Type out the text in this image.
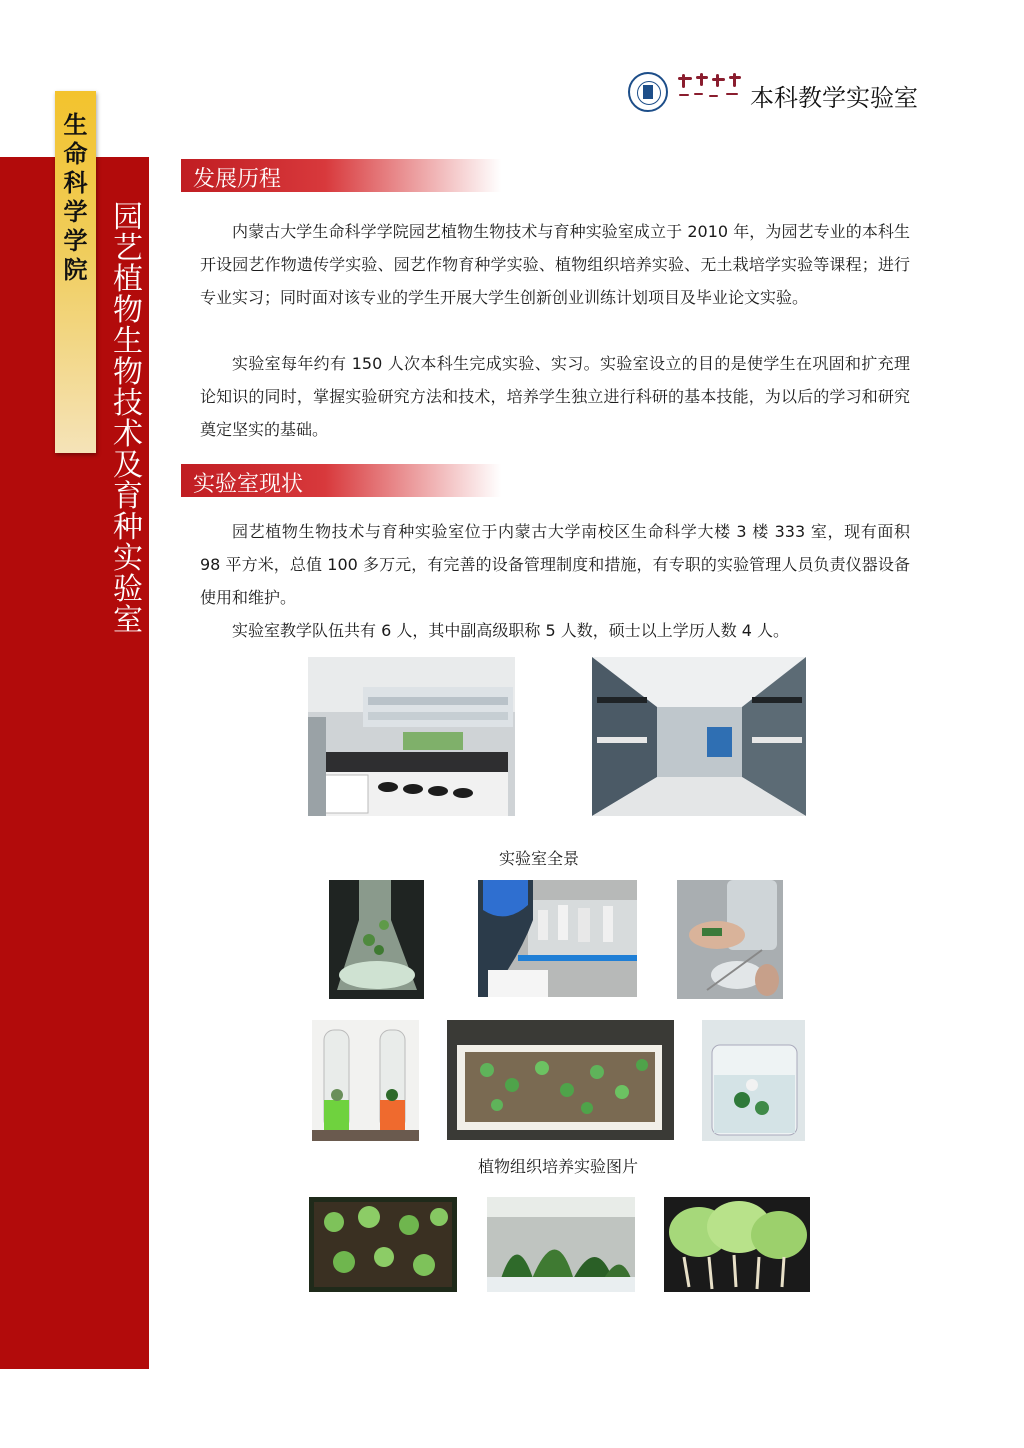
生
命
科
学
学
院
园
艺
植
物
生
物
技
术
及
育
种
实
验
室
本科教学实验室
发展历程

内蒙古大学生命科学学院园艺植物生物技术与育种实验室成立于 2010 年，为园艺专业的本科生开设园艺作物遗传学实验、园艺作物育种学实验、植物组织培养实验、无土栽培学实验等课程；进行专业实习；同时面对该专业的学生开展大学生创新创业训练计划项目及毕业论文实验。

实验室每年约有 150 人次本科生完成实验、实习。实验室设立的目的是使学生在巩固和扩充理论知识的同时，掌握实验研究方法和技术，培养学生独立进行科研的基本技能，为以后的学习和研究奠定坚实的基础。

实验室现状

园艺植物生物技术与育种实验室位于内蒙古大学南校区生命科学大楼 3 楼 333 室，现有面积 98 平方米，总值 100 多万元，有完善的设备管理制度和措施，有专职的实验管理人员负责仪器设备使用和维护。

实验室教学队伍共有 6 人，其中副高级职称 5 人数，硕士以上学历人数 4 人。

实验室全景
植物组织培养实验图片
